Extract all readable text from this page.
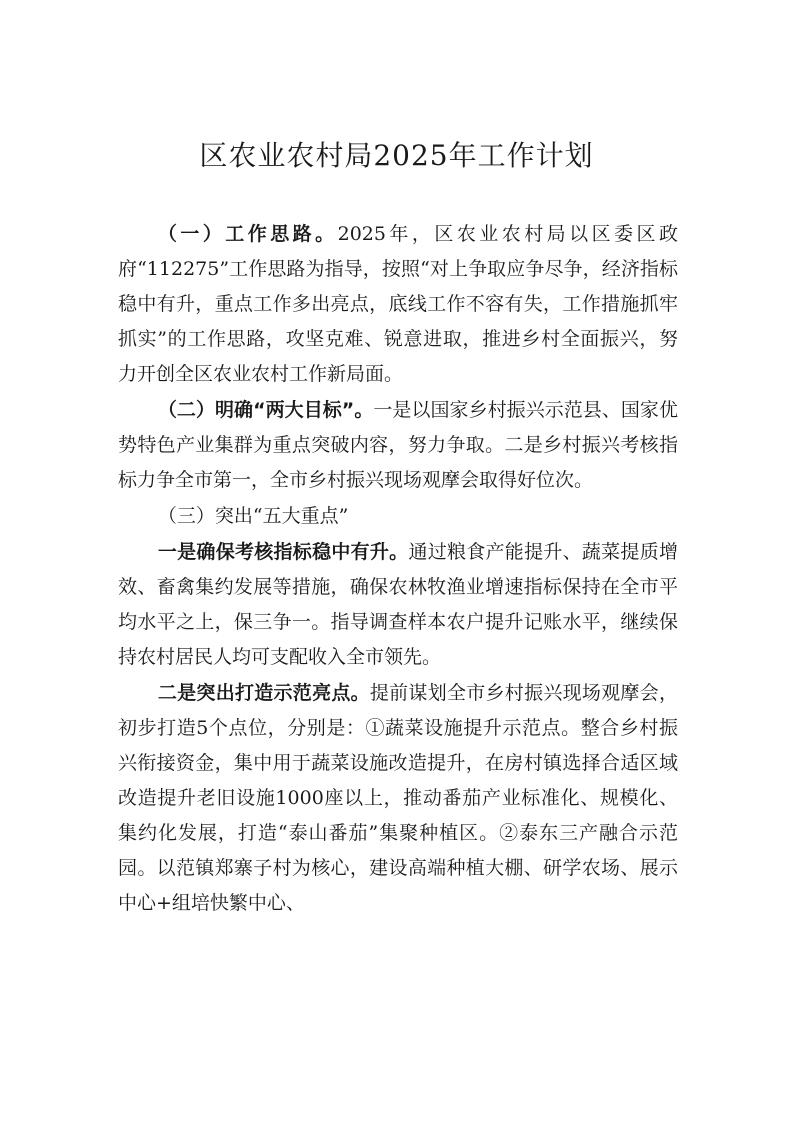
区农业农村局2025年工作计划

（一）工作思路。2025年，区农业农村局以区委区政府“112275”工作思路为指导，按照“对上争取应争尽争，经济指标稳中有升，重点工作多出亮点，底线工作不容有失，工作措施抓牢抓实”的工作思路，攻坚克难、锐意进取，推进乡村全面振兴，努力开创全区农业农村工作新局面。

（二）明确“两大目标”。一是以国家乡村振兴示范县、国家优势特色产业集群为重点突破内容，努力争取。二是乡村振兴考核指标力争全市第一，全市乡村振兴现场观摩会取得好位次。

（三）突出“五大重点”

一是确保考核指标稳中有升。通过粮食产能提升、蔬菜提质增效、畜禽集约发展等措施，确保农林牧渔业增速指标保持在全市平均水平之上，保三争一。指导调查样本农户提升记账水平，继续保持农村居民人均可支配收入全市领先。

二是突出打造示范亮点。提前谋划全市乡村振兴现场观摩会，初步打造5个点位，分别是：①蔬菜设施提升示范点。整合乡村振兴衔接资金，集中用于蔬菜设施改造提升，在房村镇选择合适区域改造提升老旧设施1000座以上，推动番茄产业标准化、规模化、集约化发展，打造“泰山番茄”集聚种植区。②泰东三产融合示范园。以范镇郑寨子村为核心，建设高端种植大棚、研学农场、展示中心+组培快繁中心、
